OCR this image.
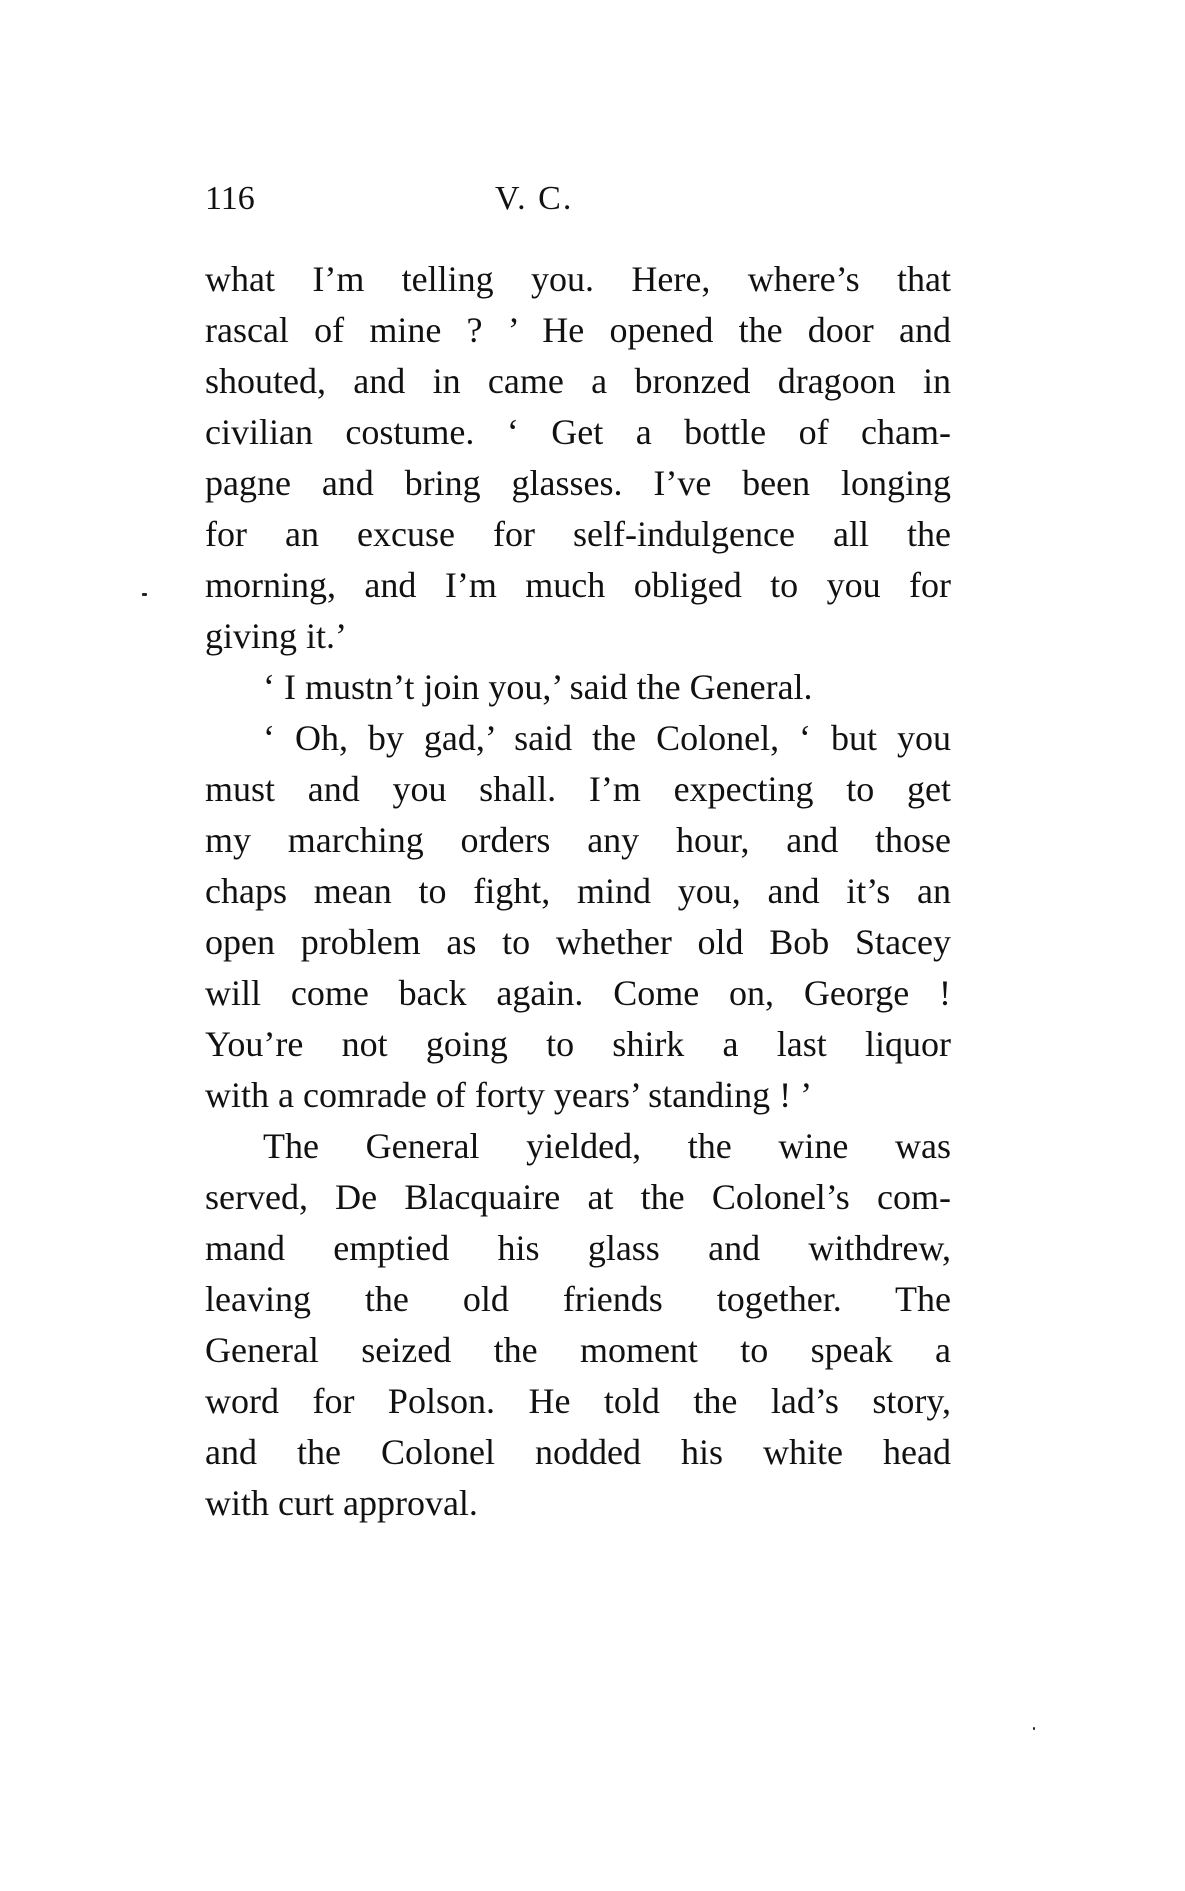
116	V. C.
what I’m telling you. Here, where’s that
rascal of mine ? ’ He opened the door and
shouted, and in came a bronzed dragoon in
civilian costume. ‘ Get a bottle of cham-
pagne and bring glasses. I’ve been longing
for an excuse for self-indulgence all the
morning, and I’m much obliged to you for
giving it.’
‘ I mustn’t join you,’ said the General.
‘ Oh, by gad,’ said the Colonel, ‘ but you
must and you shall. I’m expecting to get
my marching orders any hour, and those
chaps mean to fight, mind you, and it’s an
open problem as to whether old Bob Stacey
will come back again. Come on, George !
You’re not going to shirk a last liquor
with a comrade of forty years’ standing ! ’
The General yielded, the wine was
served, De Blacquaire at the Colonel’s com-
mand emptied his glass and withdrew,
leaving the old friends together. The
General seized the moment to speak a
word for Polson. He told the lad’s story,
and the Colonel nodded his white head
with curt approval.
